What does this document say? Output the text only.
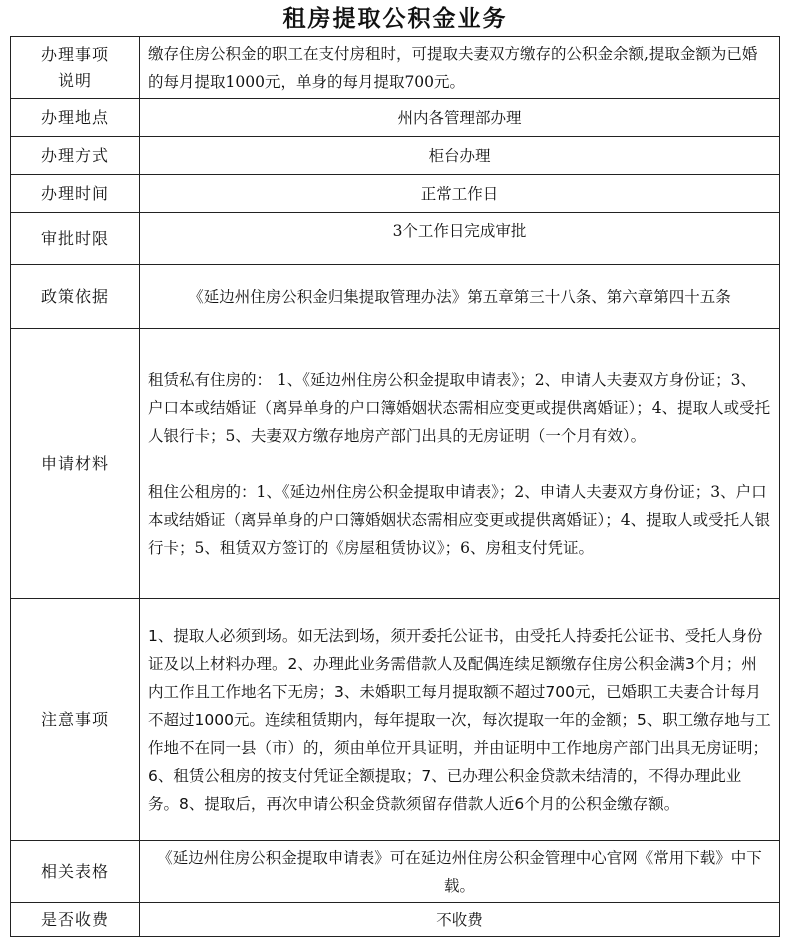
租房提取公积金业务
办理事项
说明	缴存住房公积金的职工在支付房租时，可提取夫妻双方缴存的公积金余额,提取金额为已婚的每月提取1000元，单身的每月提取700元。
办理地点	州内各管理部办理
办理方式	柜台办理
办理时间	正常工作日
审批时限	3个工作日完成审批
政策依据	《延边州住房公积金归集提取管理办法》第五章第三十八条、第六章第四十五条
申请材料	租赁私有住房的： 1、《延边州住房公积金提取申请表》；2、申请人夫妻双方身份证；3、户口本或结婚证（离异单身的户口簿婚姻状态需相应变更或提供离婚证）；4、提取人或受托人银行卡；5、夫妻双方缴存地房产部门出具的无房证明（一个月有效）。
租住公租房的：1、《延边州住房公积金提取申请表》；2、申请人夫妻双方身份证；3、户口本或结婚证（离异单身的户口簿婚姻状态需相应变更或提供离婚证）；4、提取人或受托人银行卡；5、租赁双方签订的《房屋租赁协议》；6、房租支付凭证。

注意事项	1、提取人必须到场。如无法到场，须开委托公证书，由受托人持委托公证书、受托人身份证及以上材料办理。2、办理此业务需借款人及配偶连续足额缴存住房公积金满3个月；州内工作且工作地名下无房；3、未婚职工每月提取额不超过700元，已婚职工夫妻合计每月不超过1000元。连续租赁期内，每年提取一次，每次提取一年的金额；5、职工缴存地与工作地不在同一县（市）的，须由单位开具证明，并由证明中工作地房产部门出具无房证明；6、租赁公租房的按支付凭证全额提取；7、已办理公积金贷款未结清的，不得办理此业务。8、提取后，再次申请公积金贷款须留存借款人近6个月的公积金缴存额。
相关表格	《延边州住房公积金提取申请表》可在延边州住房公积金管理中心官网《常用下载》中下载。
是否收费	不收费
